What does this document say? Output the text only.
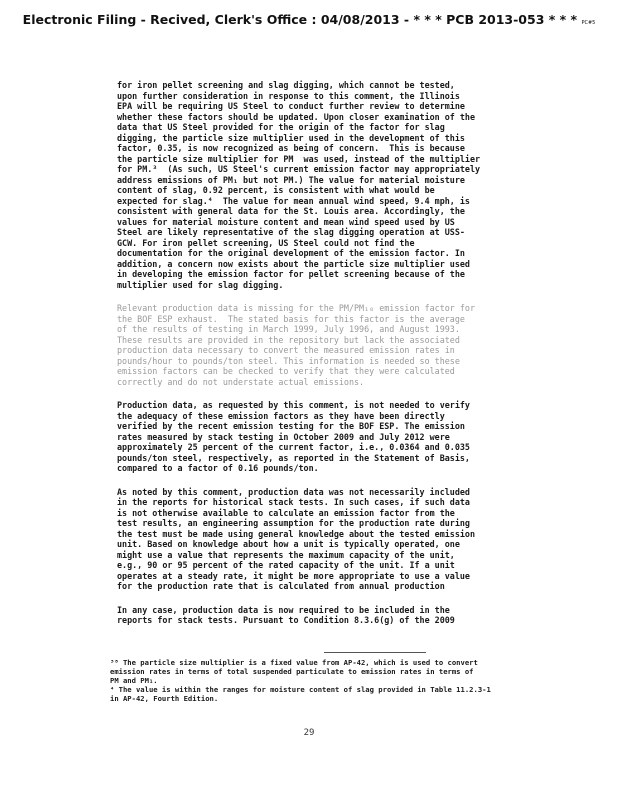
Electronic Filing - Recived, Clerk's Office : 04/08/2013 - * * * PCB 2013-053 * * * PC#5
for iron pellet screening and slag digging, which cannot be tested,
upon further consideration in response to this comment, the Illinois
EPA will be requiring US Steel to conduct further review to determine
whether these factors should be updated. Upon closer examination of the
data that US Steel provided for the origin of the factor for slag
digging, the particle size multiplier used in the development of this
factor, 0.35, is now recognized as being of concern.  This is because
the particle size multiplier for PM  was used, instead of the multiplier
for PM.³  (As such, US Steel's current emission factor may appropriately
address emissions of PM₁ but not PM.) The value for material moisture
content of slag, 0.92 percent, is consistent with what would be
expected for slag.⁴  The value for mean annual wind speed, 9.4 mph, is
consistent with general data for the St. Louis area. Accordingly, the
values for material moisture content and mean wind speed used by US
Steel are likely representative of the slag digging operation at USS-
GCW. For iron pellet screening, US Steel could not find the
documentation for the original development of the emission factor. In
addition, a concern now exists about the particle size multiplier used
in developing the emission factor for pellet screening because of the
multiplier used for slag digging.
Relevant production data is missing for the PM/PM₁₀ emission factor for
the BOF ESP exhaust.  The stated basis for this factor is the average
of the results of testing in March 1999, July 1996, and August 1993.
These results are provided in the repository but lack the associated
production data necessary to convert the measured emission rates in
pounds/hour to pounds/ton steel. This information is needed so these
emission factors can be checked to verify that they were calculated
correctly and do not understate actual emissions.
Production data, as requested by this comment, is not needed to verify
the adequacy of these emission factors as they have been directly
verified by the recent emission testing for the BOF ESP. The emission
rates measured by stack testing in October 2009 and July 2012 were
approximately 25 percent of the current factor, i.e., 0.0364 and 0.035
pounds/ton steel, respectively, as reported in the Statement of Basis,
compared to a factor of 0.16 pounds/ton.
As noted by this comment, production data was not necessarily included
in the reports for historical stack tests. In such cases, if such data
is not otherwise available to calculate an emission factor from the
test results, an engineering assumption for the production rate during
the test must be made using general knowledge about the tested emission
unit. Based on knowledge about how a unit is typically operated, one
might use a value that represents the maximum capacity of the unit,
e.g., 90 or 95 percent of the rated capacity of the unit. If a unit
operates at a steady rate, it might be more appropriate to use a value
for the production rate that is calculated from annual production
In any case, production data is now required to be included in the
reports for stack tests. Pursuant to Condition 8.3.6(g) of the 2009
³⁸ The particle size multiplier is a fixed value from AP-42, which is used to convert
emission rates in terms of total suspended particulate to emission rates in terms of
PM and PM₁.
⁴ The value is within the ranges for moisture content of slag provided in Table 11.2.3-1
in AP-42, Fourth Edition.
29
